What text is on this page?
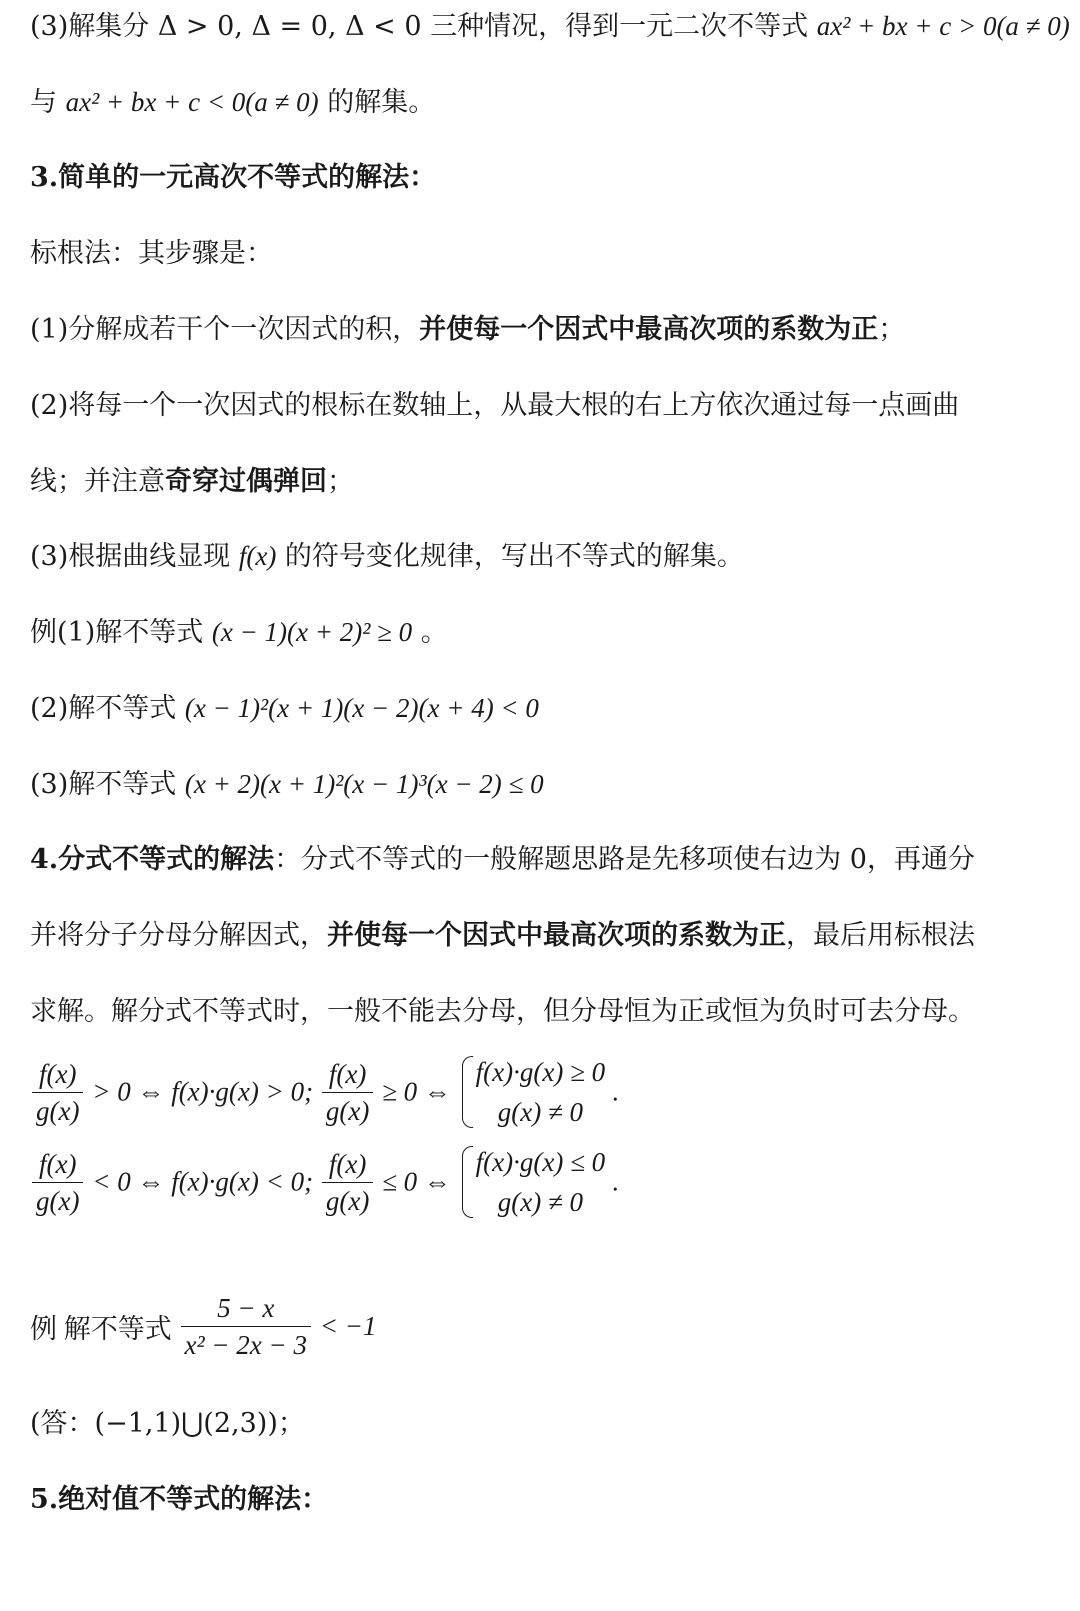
(3)解集分 Δ > 0, Δ = 0, Δ < 0 三种情况，得到一元二次不等式 ax² + bx + c > 0(a ≠ 0)
与 ax² + bx + c < 0(a ≠ 0) 的解集。
3.简单的一元高次不等式的解法：
标根法：其步骤是：
(1)分解成若干个一次因式的积，并使每一个因式中最高次项的系数为正；
(2)将每一个一次因式的根标在数轴上，从最大根的右上方依次通过每一点画曲
线；并注意奇穿过偶弹回；
(3)根据曲线显现 f(x) 的符号变化规律，写出不等式的解集。
例(1)解不等式 (x − 1)(x + 2)² ≥ 0 。
(2)解不等式 (x − 1)²(x + 1)(x − 2)(x + 4) < 0
(3)解不等式 (x + 2)(x + 1)²(x − 1)³(x − 2) ≤ 0
4.分式不等式的解法：分式不等式的一般解题思路是先移项使右边为 0，再通分
并将分子分母分解因式，并使每一个因式中最高次项的系数为正，最后用标根法
求解。解分式不等式时，一般不能去分母，但分母恒为正或恒为负时可去分母。
$\frac{f(x)}{g(x)} > 0$ ⇔ f(x)·g(x) > 0; $\frac{f(x)}{g(x)} \ge 0$ ⇔
f(x)·g(x) ≥ 0
g(x) ≠ 0
.
$\frac{f(x)}{g(x)} < 0$ ⇔ f(x)·g(x) < 0; $\frac{f(x)}{g(x)} \le 0$ ⇔
f(x)·g(x) ≤ 0
g(x) ≠ 0
.
例 解不等式 $\frac{5 - x}{\text{x² − 2x − 3}} < -1$
(答：(−1,1)⋃(2,3))；
5.绝对值不等式的解法：
